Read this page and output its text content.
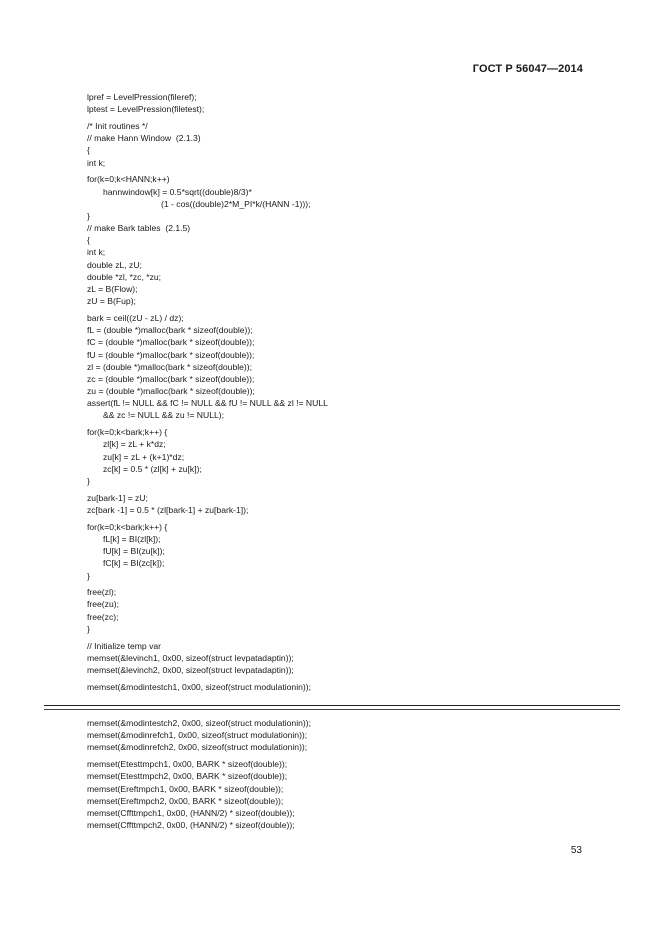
ГОСТ Р 56047—2014
lpref = LevelPression(fileref);
lptest = LevelPression(filetest);
/* Init routines */
// make Hann Window  (2.1.3)
{
int k;
for(k=0;k<HANN;k++)
hannwindow[k] = 0.5*sqrt((double)8/3)*
(1 - cos((double)2*M_PI*k/(HANN -1)));
}
// make Bark tables  (2.1.5)
{
int k;
double zL, zU;
double *zl, *zc, *zu;
zL = B(Flow);
zU = B(Fup);
bark = ceil((zU - zL) / dz);
fL = (double *)malloc(bark * sizeof(double));
fC = (double *)malloc(bark * sizeof(double));
fU = (double *)malloc(bark * sizeof(double));
zl = (double *)malloc(bark * sizeof(double));
zc = (double *)malloc(bark * sizeof(double));
zu = (double *)malloc(bark * sizeof(double));
assert(fL != NULL && fC != NULL && fU != NULL && zl != NULL
&& zc != NULL && zu != NULL);
for(k=0;k<bark;k++) {
zl[k] = zL + k*dz;
zu[k] = zL + (k+1)*dz;
zc[k] = 0.5 * (zl[k] + zu[k]);
}
zu[bark-1] = zU;
zc[bark -1] = 0.5 * (zl[bark-1] + zu[bark-1]);
for(k=0;k<bark;k++) {
fL[k] = BI(zl[k]);
fU[k] = BI(zu[k]);
fC[k] = BI(zc[k]);
}
free(zl);
free(zu);
free(zc);
}
// Initialize temp var
memset(&levinch1, 0x00, sizeof(struct levpatadaptin));
memset(&levinch2, 0x00, sizeof(struct levpatadaptin));
memset(&modintestch1, 0x00, sizeof(struct modulationin));
memset(&modintestch2, 0x00, sizeof(struct modulationin));
memset(&modinrefch1, 0x00, sizeof(struct modulationin));
memset(&modinrefch2, 0x00, sizeof(struct modulationin));
memset(Etesttmpch1, 0x00, BARK * sizeof(double));
memset(Etesttmpch2, 0x00, BARK * sizeof(double));
memset(Ereftmpch1, 0x00, BARK * sizeof(double));
memset(Ereftmpch2, 0x00, BARK * sizeof(double));
memset(Cffttmpch1, 0x00, (HANN/2) * sizeof(double));
memset(Cffttmpch2, 0x00, (HANN/2) * sizeof(double));
53
